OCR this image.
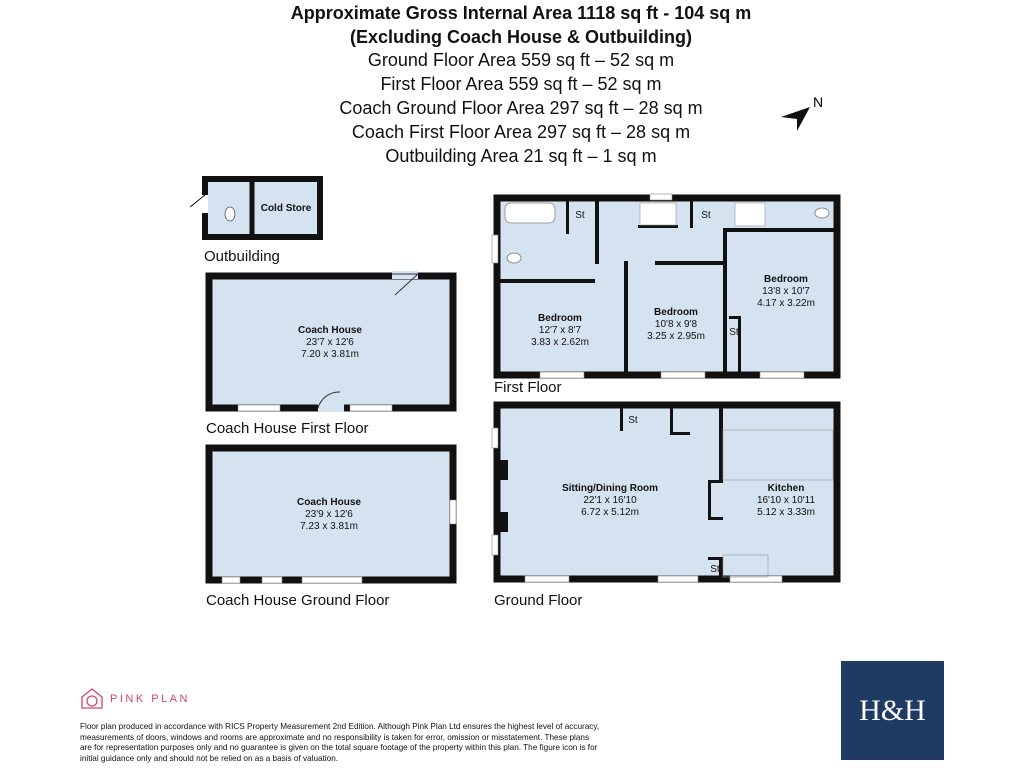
Approximate Gross Internal Area 1118 sq ft - 104 sq m
(Excluding Coach House & Outbuilding)
Ground Floor Area 559 sq ft – 52 sq m
First Floor Area 559 sq ft – 52 sq m
Coach Ground Floor Area 297 sq ft – 28 sq m
Coach First Floor Area 297 sq ft – 28 sq m
Outbuilding Area 21 sq ft – 1 sq m
N
Cold Store
Outbuilding
Coach House
23'7 x 12'6
7.20 x 3.81m
Coach House First Floor
Coach House
23'9 x 12'6
7.23 x 3.81m
Coach House Ground Floor
St	St
St
Bedroom
12'7 x 8'7
3.83 x 2.62m
Bedroom
10'8 x 9'8
3.25 x 2.95m
Bedroom
13'8 x 10'7
4.17 x 3.22m
First Floor
St
St
Sitting/Dining Room
22'1 x 16'10
6.72 x 5.12m
Kitchen
16'10 x 10'11
5.12 x 3.33m
Ground Floor
PINK PLAN
Floor plan produced in accordance with RICS Property Measurement 2nd Edition. Although Pink Plan Ltd ensures the highest level of accuracy, measurements of doors, windows and rooms are approximate and no responsibility is taken for error, omission or misstatement. These plans are for representation purposes only and no guarantee is given on the total square footage of the property within this plan. The figure icon is for initial guidance only and should not be relied on as a basis of valuation.
H&H
